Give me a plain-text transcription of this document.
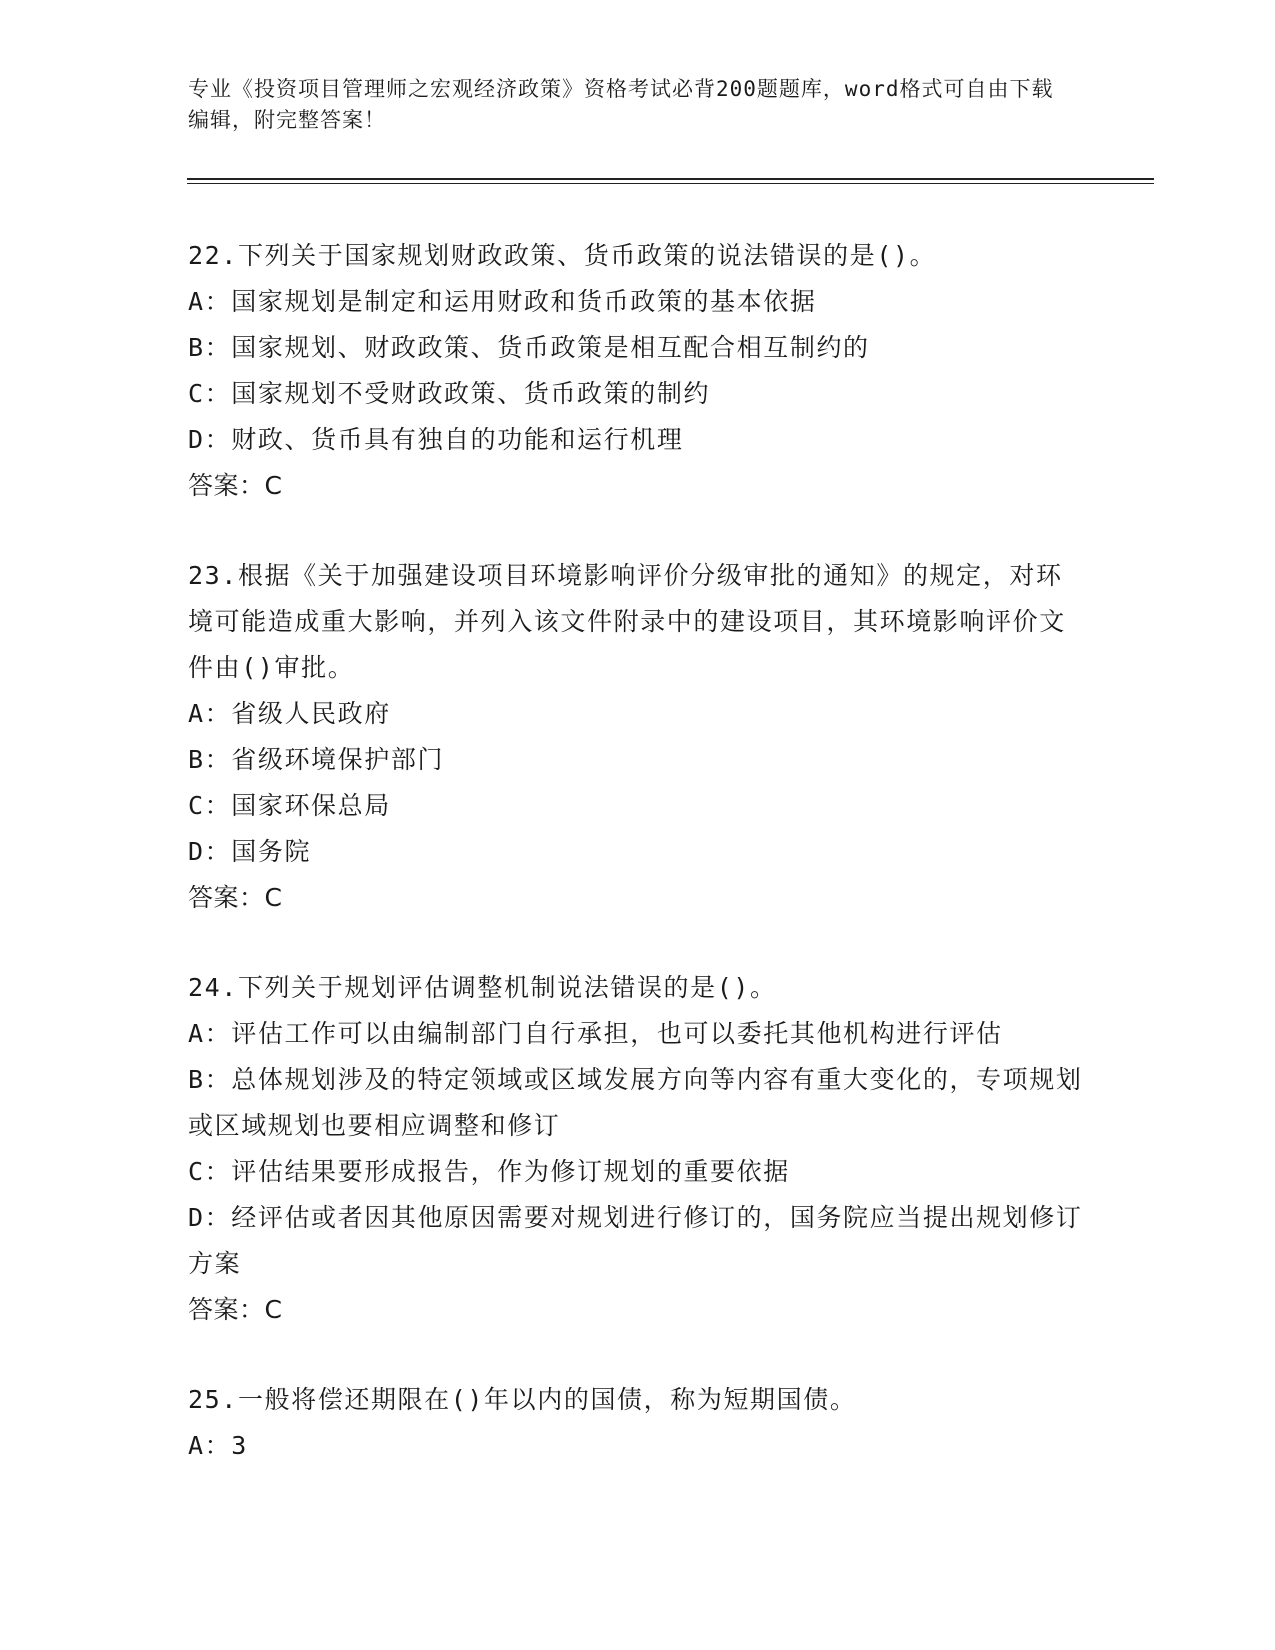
专业《投资项目管理师之宏观经济政策》资格考试必背200题题库，word格式可自由下载编辑，附完整答案！

22.下列关于国家规划财政政策、货币政策的说法错误的是()。

A：国家规划是制定和运用财政和货币政策的基本依据

B：国家规划、财政政策、货币政策是相互配合相互制约的

C：国家规划不受财政政策、货币政策的制约

D：财政、货币具有独自的功能和运行机理

答案：C

23.根据《关于加强建设项目环境影响评价分级审批的通知》的规定，对环境可能造成重大影响，并列入该文件附录中的建设项目，其环境影响评价文件由()审批。

A：省级人民政府

B：省级环境保护部门

C：国家环保总局

D：国务院

答案：C

24.下列关于规划评估调整机制说法错误的是()。

A：评估工作可以由编制部门自行承担，也可以委托其他机构进行评估

B：总体规划涉及的特定领域或区域发展方向等内容有重大变化的，专项规划或区域规划也要相应调整和修订

C：评估结果要形成报告，作为修订规划的重要依据

D：经评估或者因其他原因需要对规划进行修订的，国务院应当提出规划修订方案

答案：C

25.一般将偿还期限在()年以内的国债，称为短期国债。

A：3
